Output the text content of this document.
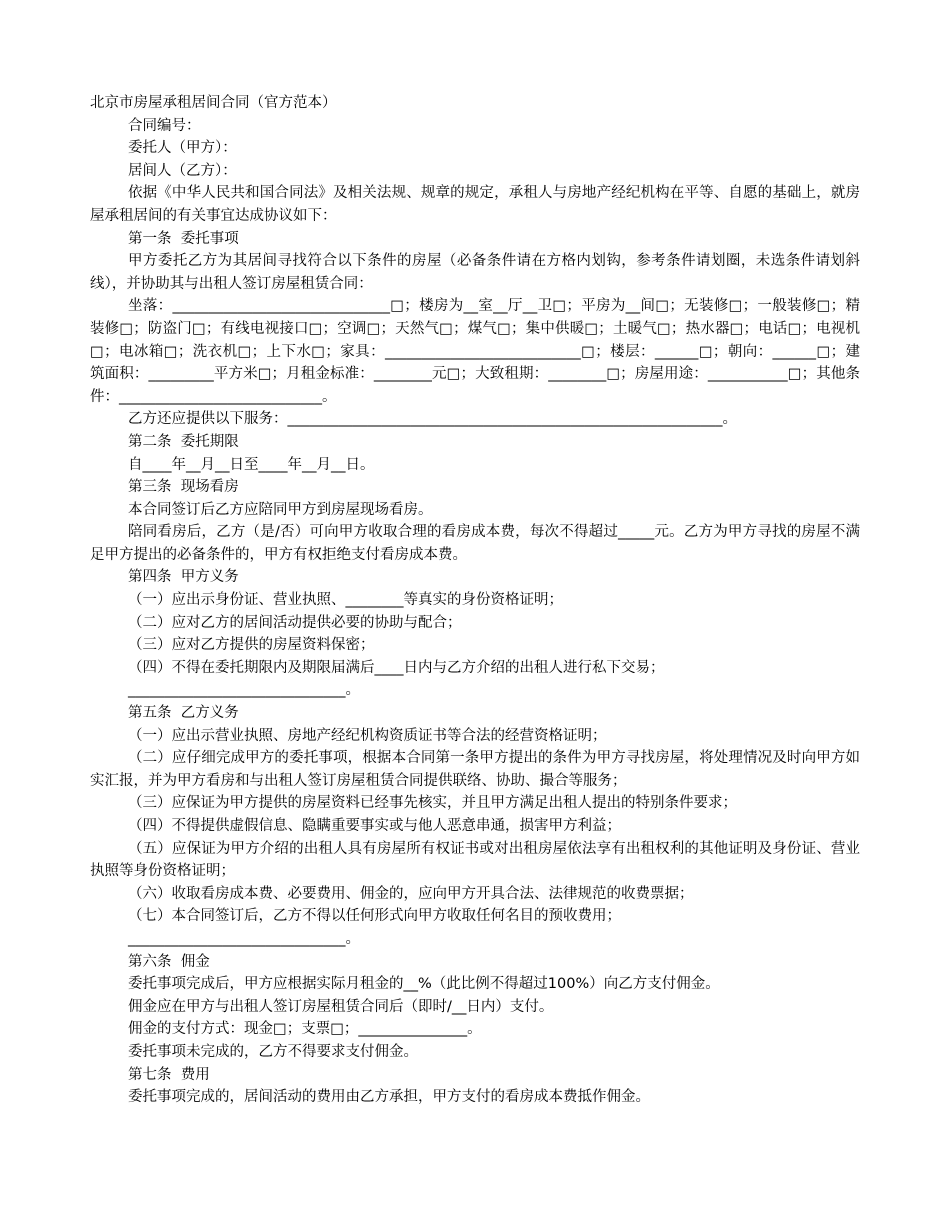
北京市房屋承租居间合同（官方范本）
合同编号：
委托人（甲方）：
居间人（乙方）：
依据《中华人民共和国合同法》及相关法规、规章的规定，承租人与房地产经纪机构在平等、自愿的基础上，就房屋承租居间的有关事宜达成协议如下：
第一条  委托事项
甲方委托乙方为其居间寻找符合以下条件的房屋（必备条件请在方格内划钩，参考条件请划圈，未选条件请划斜线），并协助其与出租人签订房屋租赁合同：
坐落：______________________________□；楼房为__室__厅__卫□；平房为__间□；无装修□；一般装修□；精装修□；防盗门□；有线电视接口□；空调□；天然气□；煤气□；集中供暖□；土暖气□；热水器□；电话□；电视机□；电冰箱□；洗衣机□；上下水□；家具：___________________________□；楼层：______□；朝向：______□；建筑面积：_________平方米□；月租金标准：________元□；大致租期：________□；房屋用途：___________□；其他条件：____________________________。
乙方还应提供以下服务：____________________________________________________________。
第二条  委托期限
自____年__月__日至____年__月__日。
第三条  现场看房
本合同签订后乙方应陪同甲方到房屋现场看房。
陪同看房后，乙方（是/否）可向甲方收取合理的看房成本费，每次不得超过_____元。乙方为甲方寻找的房屋不满足甲方提出的必备条件的，甲方有权拒绝支付看房成本费。
第四条  甲方义务
（一）应出示身份证、营业执照、________等真实的身份资格证明；
（二）应对乙方的居间活动提供必要的协助与配合；
（三）应对乙方提供的房屋资料保密；
（四）不得在委托期限内及期限届满后____日内与乙方介绍的出租人进行私下交易；
______________________________。
第五条  乙方义务
（一）应出示营业执照、房地产经纪机构资质证书等合法的经营资格证明；
（二）应仔细完成甲方的委托事项，根据本合同第一条甲方提出的条件为甲方寻找房屋，将处理情况及时向甲方如实汇报，并为甲方看房和与出租人签订房屋租赁合同提供联络、协助、撮合等服务；
（三）应保证为甲方提供的房屋资料已经事先核实，并且甲方满足出租人提出的特别条件要求；
（四）不得提供虚假信息、隐瞒重要事实或与他人恶意串通，损害甲方利益；
（五）应保证为甲方介绍的出租人具有房屋所有权证书或对出租房屋依法享有出租权利的其他证明及身份证、营业执照等身份资格证明；
（六）收取看房成本费、必要费用、佣金的，应向甲方开具合法、法律规范的收费票据；
（七）本合同签订后，乙方不得以任何形式向甲方收取任何名目的预收费用；
______________________________。
第六条  佣金
委托事项完成后，甲方应根据实际月租金的__%（此比例不得超过100%）向乙方支付佣金。
佣金应在甲方与出租人签订房屋租赁合同后（即时/__日内）支付。
佣金的支付方式：现金□；支票□；_______________。
委托事项未完成的，乙方不得要求支付佣金。
第七条  费用
委托事项完成的，居间活动的费用由乙方承担，甲方支付的看房成本费抵作佣金。
